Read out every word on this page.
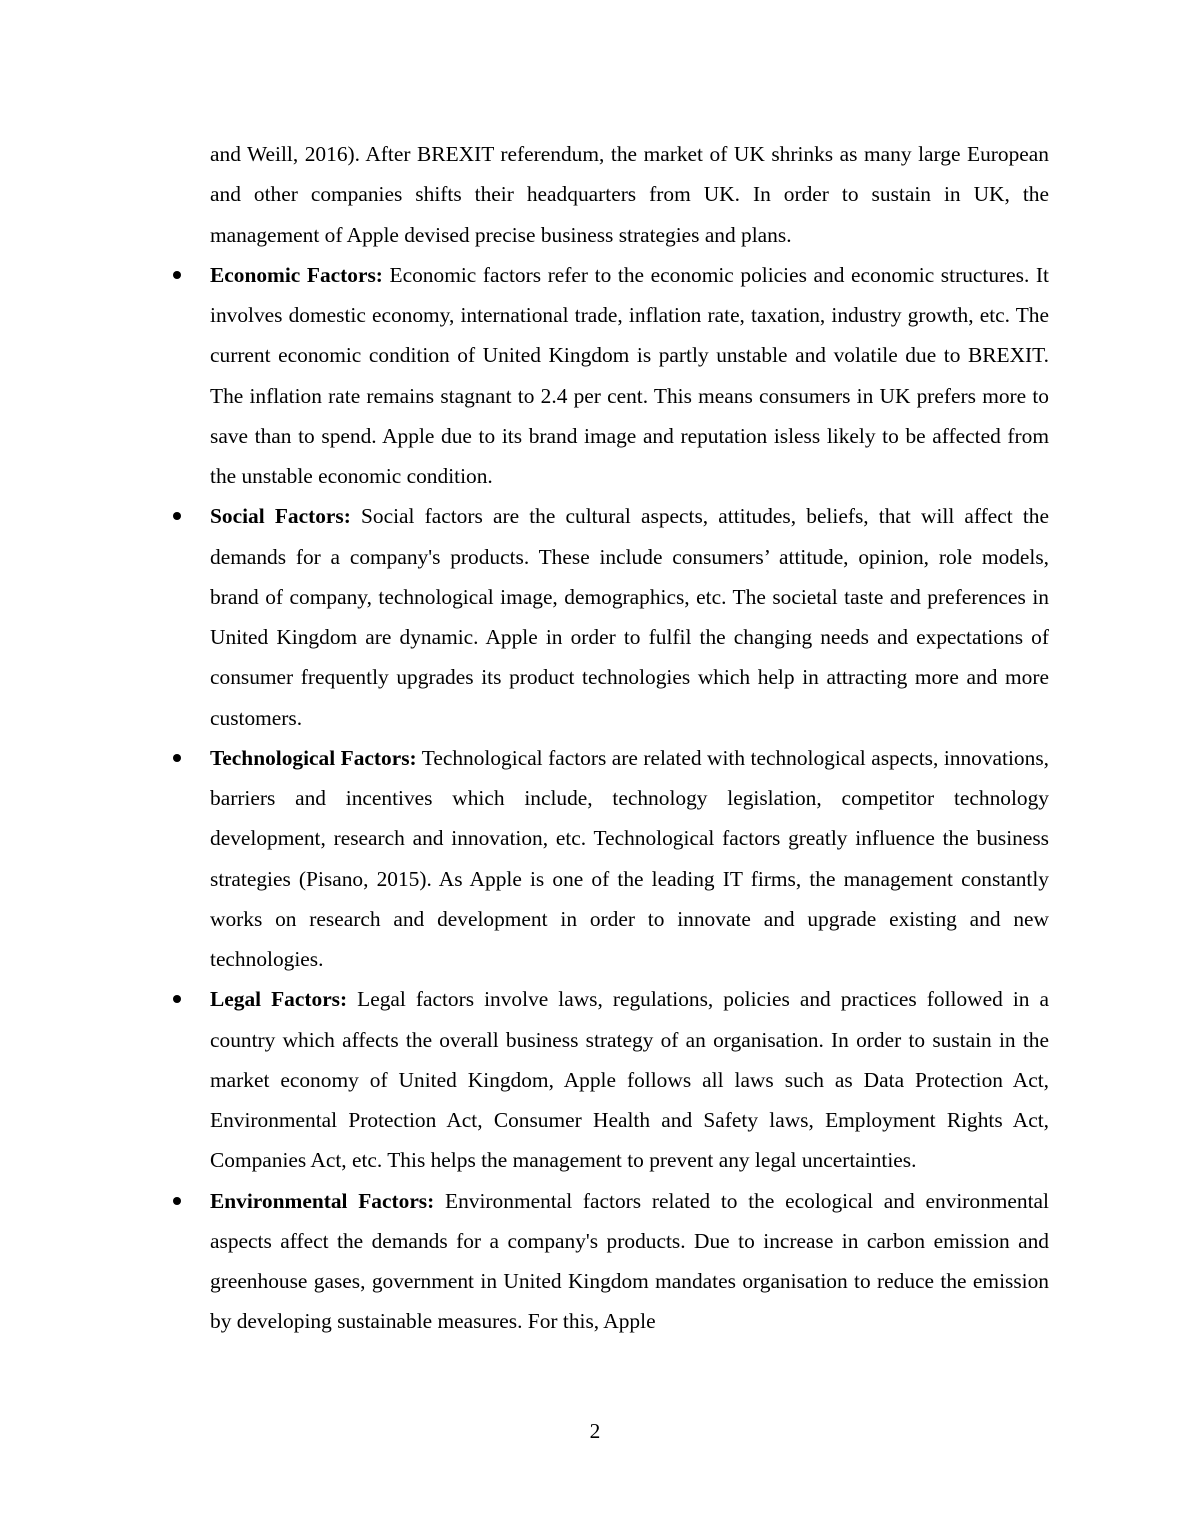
and Weill, 2016). After BREXIT referendum, the market of UK shrinks as many large European and other companies shifts their headquarters from UK. In order to sustain in UK, the management of Apple devised precise business strategies and plans.

Economic Factors: Economic factors refer to the economic policies and economic structures. It involves domestic economy, international trade, inflation rate, taxation, industry growth, etc. The current economic condition of United Kingdom is partly unstable and volatile due to BREXIT. The inflation rate remains stagnant to 2.4 per cent. This means consumers in UK prefers more to save than to spend. Apple due to its brand image and reputation isless likely to be affected from the unstable economic condition.

Social Factors: Social factors are the cultural aspects, attitudes, beliefs, that will affect the demands for a company's products. These include consumers’ attitude, opinion, role models, brand of company, technological image, demographics, etc. The societal taste and preferences in United Kingdom are dynamic. Apple in order to fulfil the changing needs and expectations of consumer frequently upgrades its product technologies which help in attracting more and more customers.

Technological Factors: Technological factors are related with technological aspects, innovations, barriers and incentives which include, technology legislation, competitor technology development, research and innovation, etc. Technological factors greatly influence the business strategies (Pisano, 2015). As Apple is one of the leading IT firms, the management constantly works on research and development in order to innovate and upgrade existing and new technologies.

Legal Factors: Legal factors involve laws, regulations, policies and practices followed in a country which affects the overall business strategy of an organisation. In order to sustain in the market economy of United Kingdom, Apple follows all laws such as Data Protection Act, Environmental Protection Act, Consumer Health and Safety laws, Employment Rights Act, Companies Act, etc. This helps the management to prevent any legal uncertainties.

Environmental Factors: Environmental factors related to the ecological and environmental aspects affect the demands for a company's products. Due to increase in carbon emission and greenhouse gases, government in United Kingdom mandates organisation to reduce the emission by developing sustainable measures. For this, Apple

2
